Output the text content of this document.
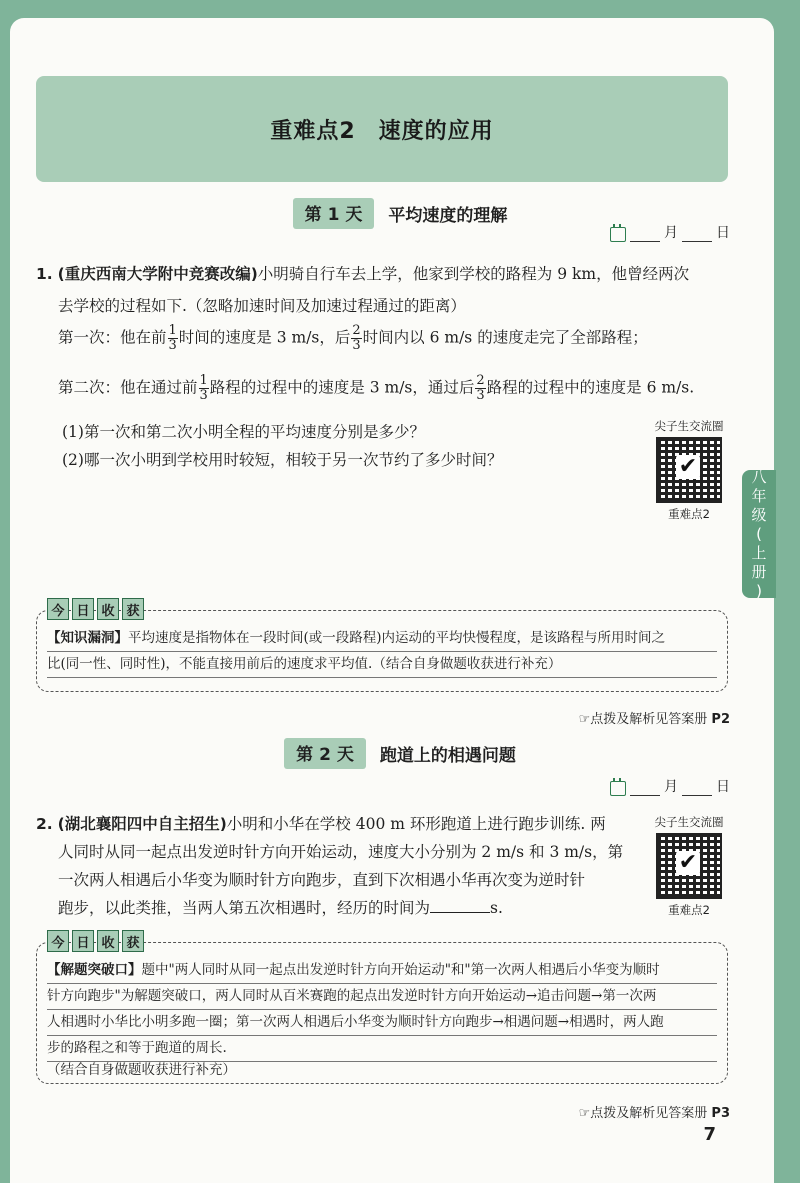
重难点2　速度的应用
第 1 天	平均速度的理解
月	日
1. (重庆西南大学附中竞赛改编)小明骑自行车去上学，他家到学校的路程为 9 km，他曾经两次
去学校的过程如下.（忽略加速时间及加速过程通过的距离）
第一次：他在前 $\frac{1}{3}$ 时间的速度是 3 m/s，后 $\frac{2}{3}$ 时间内以 6 m/s 的速度走完了全部路程；
第二次：他在通过前 $\frac{1}{3}$ 路程的过程中的速度是 3 m/s，通过后 $\frac{2}{3}$ 路程的过程中的速度是 6 m/s.
(1)第一次和第二次小明全程的平均速度分别是多少？
(2)哪一次小明到学校用时较短，相较于另一次节约了多少时间？
尖子生交流圈
✔
重难点2
今 日 收 获
【知识漏洞】平均速度是指物体在一段时间(或一段路程)内运动的平均快慢程度，是该路程与所用时间之
比(同一性、同时性)，不能直接用前后的速度求平均值.（结合自身做题收获进行补充）
☞点拨及解析见答案册 P2
第 2 天	跑道上的相遇问题
月	日
2. (湖北襄阳四中自主招生)小明和小华在学校 400 m 环形跑道上进行跑步训练. 两
人同时从同一起点出发逆时针方向开始运动，速度大小分别为 2 m/s 和 3 m/s，第
一次两人相遇后小华变为顺时针方向跑步，直到下次相遇小华再次变为逆时针
跑步，以此类推，当两人第五次相遇时，经历的时间为	s.
尖子生交流圈
✔
重难点2
今 日 收 获
【解题突破口】题中"两人同时从同一起点出发逆时针方向开始运动"和"第一次两人相遇后小华变为顺时
针方向跑步"为解题突破口，两人同时从百米赛跑的起点出发逆时针方向开始运动→追击问题→第一次两
人相遇时小华比小明多跑一圈；第一次两人相遇后小华变为顺时针方向跑步→相遇问题→相遇时，两人跑
步的路程之和等于跑道的周长.
（结合自身做题收获进行补充）
☞点拨及解析见答案册 P3
7
八
年
级
(
上
册
)
